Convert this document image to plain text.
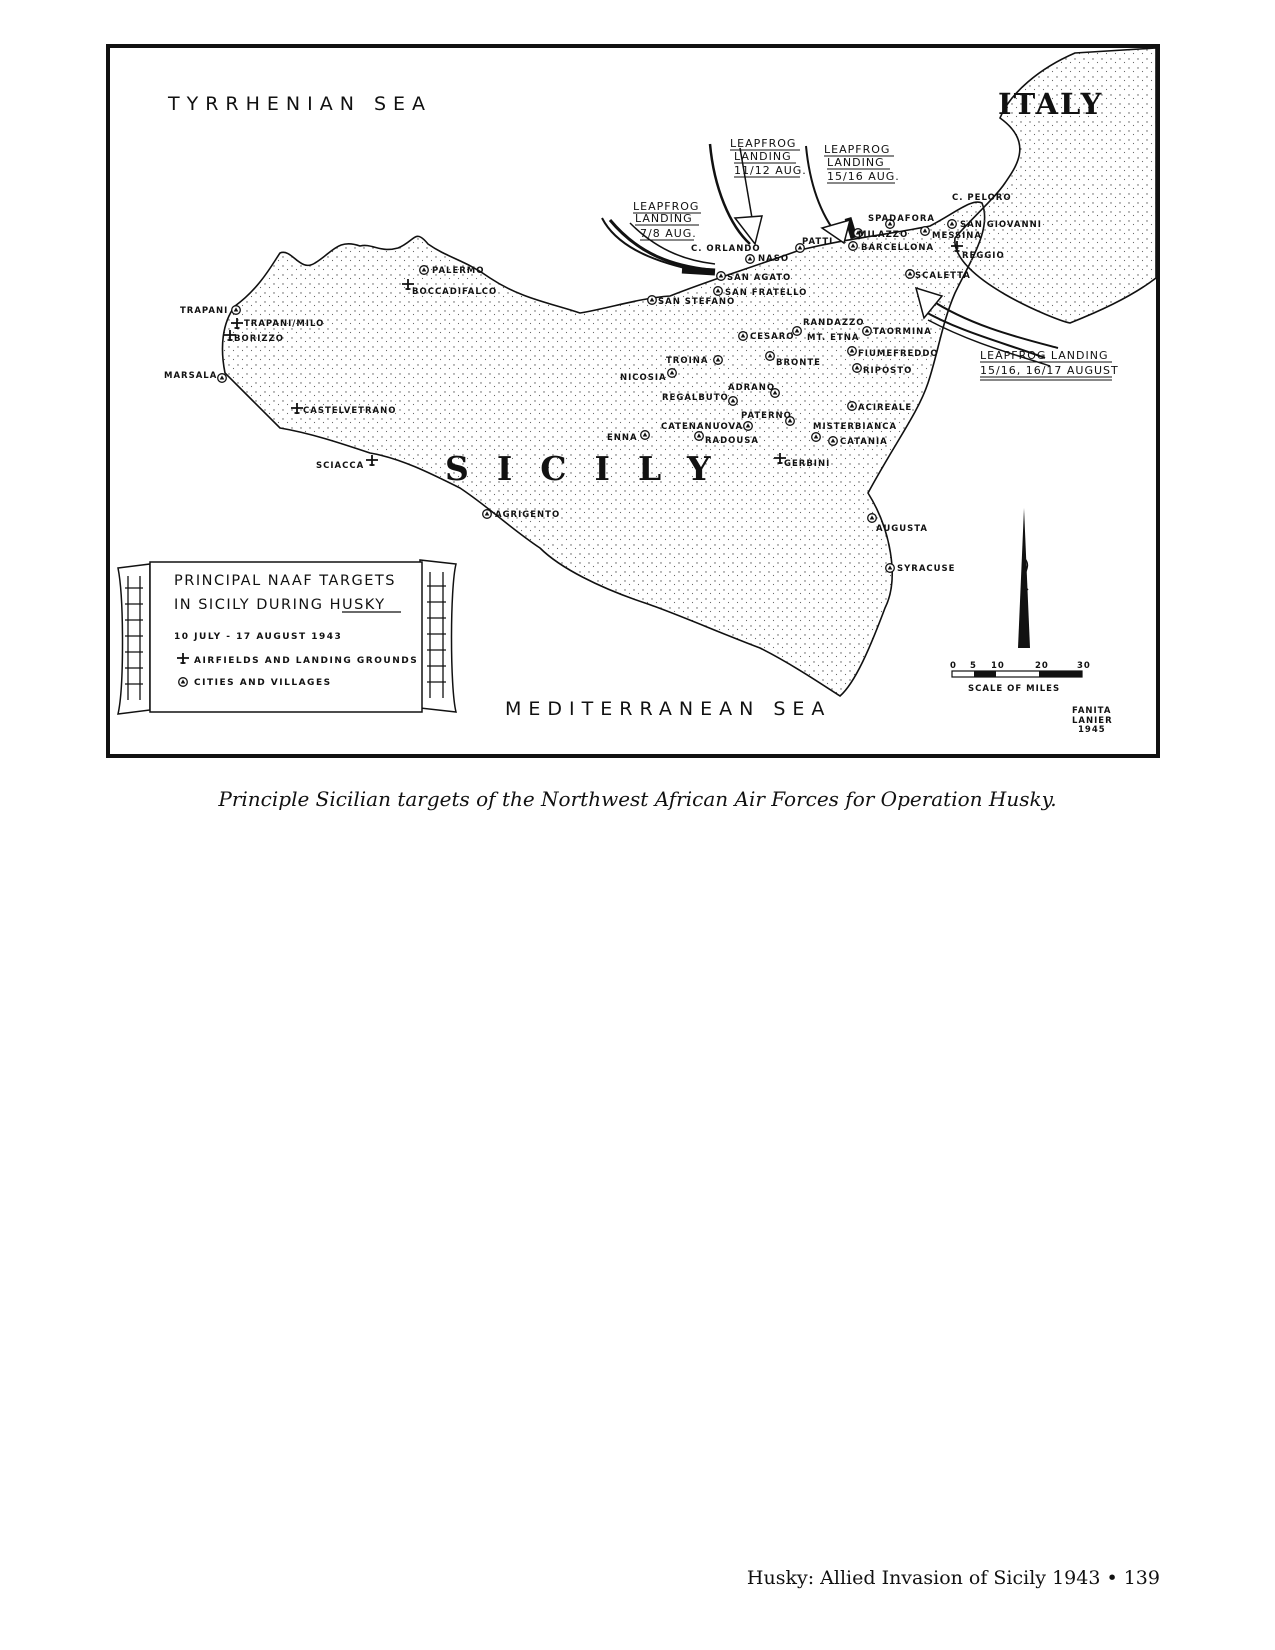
TYRRHENIAN SEA
MEDITERRANEAN SEA
ITALY
SICILY
LEAPFROG
LANDING
7/8 AUG.
LEAPFROG
LANDING
11/12 AUG.
LEAPFROG
LANDING
15/16 AUG.
LEAPFROG LANDING
15/16, 16/17 AUGUST
PALERMO
BOCCADIFALCO
TRAPANI
TRAPANI/MILO
BORIZZO
MARSALA
CASTELVETRANO
SCIACCA
AGRIGENTO
C. ORLANDO
NASO
PATTI
MILAZZO
SPADAFORA
BARCELLONA
C. PELORO
SAN GIOVANNI
MESSINA
REGGIO
SCALETTA
SAN AGATO
SAN FRATELLO
SAN STEFANO
RANDAZZO
CESARO MT. ETNA
TAORMINA
TROINA	BRONTE
FIUMEFREDDO
RIPOSTO
NICOSIA
ADRANO
REGALBUTO
ACIREALE
PATERNO
CATENANUOVA	MISTERBIANCA
ENNA	RADOUSA	CATANIA
GERBINI
AUGUSTA
SYRACUSE
PRINCIPAL NAAF TARGETS
IN SICILY DURING HUSKY
10 JULY - 17 AUGUST 1943
AIRFIELDS AND LANDING GROUNDS
CITIES AND VILLAGES
0 5 10	20	30
SCALE OF MILES
FANITA
LANIER
1945
Principle Sicilian targets of the Northwest African Air Forces for Operation Husky.
Husky: Allied Invasion of Sicily 1943 • 139
